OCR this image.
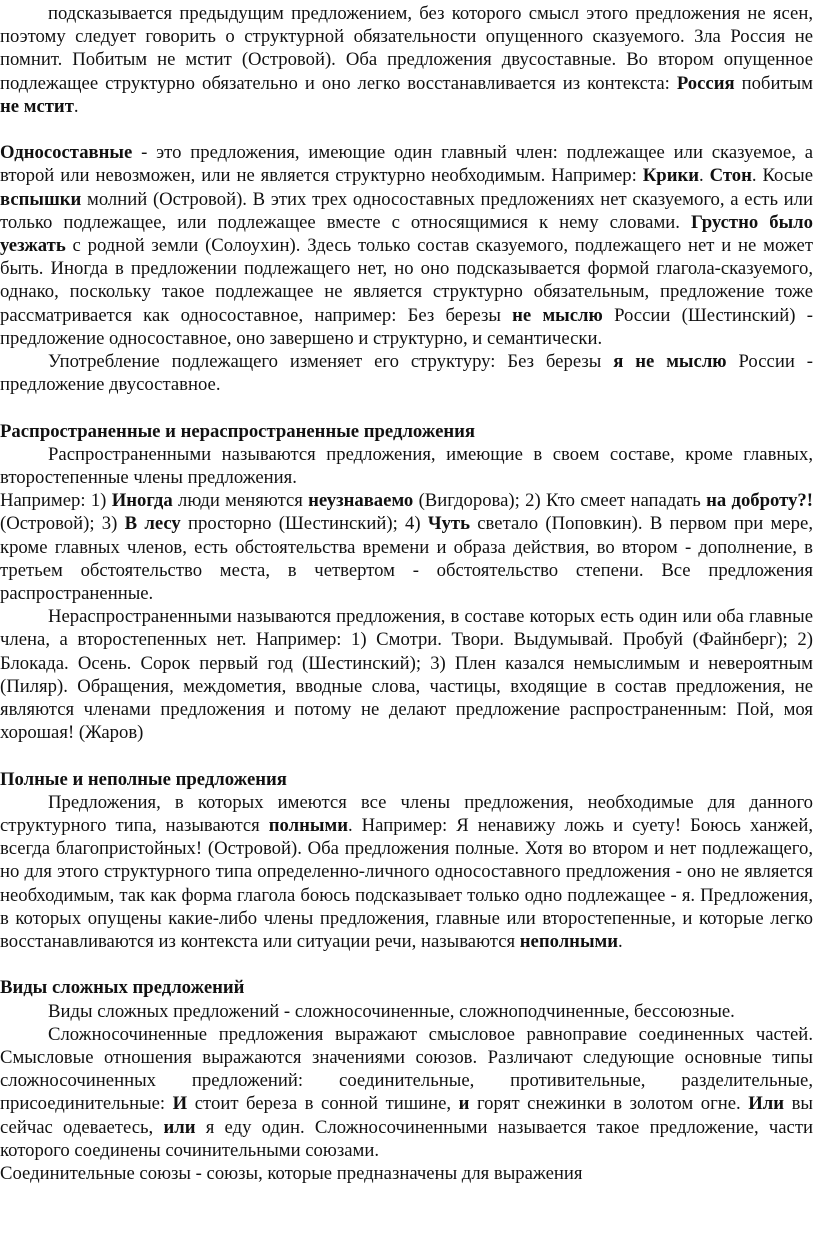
подсказывается предыдущим предложением, без которого смысл этого предложения не ясен, поэтому следует говорить о структурной обязательности опущенного сказуемого. Зла Россия не помнит. Побитым не мстит (Островой). Оба предложения двусоставные. Во втором опущенное подлежащее структурно обязательно и оно легко восстанавливается из контекста: Россия побитым не мстит.

Односоставные - это предложения, имеющие один главный член: подлежащее или сказуемое, а второй или невозможен, или не является структурно необходимым. Например: Крики. Стон. Косые вспышки молний (Островой). В этих трех односоставных предложениях нет сказуемого, а есть или только подлежащее, или подлежащее вместе с относящимися к нему словами. Грустно было уезжать с родной земли (Солоухин). Здесь только состав сказуемого, подлежащего нет и не может быть. Иногда в предложении подлежащего нет, но оно подсказывается формой глагола-сказуемого, однако, поскольку такое подлежащее не является структурно обязательным, предложение тоже рассматривается как односоставное, например: Без березы не мыслю России (Шестинский) - предложение односоставное, оно завершено и структурно, и семантически.

Употребление подлежащего изменяет его структуру: Без березы я не мыслю России - предложение двусоставное.

Распространенные и нераспространенные предложения

Распространенными называются предложения, имеющие в своем составе, кроме главных, второстепенные члены предложения.

Например: 1) Иногда люди меняются неузнаваемо (Вигдорова); 2) Кто смеет нападать на доброту?! (Островой); 3) В лесу просторно (Шестинский); 4) Чуть светало (Поповкин). В первом при мере, кроме главных членов, есть обстоятельства времени и образа действия, во втором - дополнение, в третьем обстоятельство места, в четвертом - обстоятельство степени. Все предложения распространенные.

Нераспространенными называются предложения, в составе которых есть один или оба главные члена, а второстепенных нет. Например: 1) Смотри. Твори. Выдумывай. Пробуй (Файнберг); 2) Блокада. Осень. Сорок первый год (Шестинский); 3) Плен казался немыслимым и невероятным (Пиляр). Обращения, междометия, вводные слова, частицы, входящие в состав предложения, не являются членами предложения и потому не делают предложение распространенным: Пой, моя хорошая! (Жаров)

Полные и неполные предложения

Предложения, в которых имеются все члены предложения, необходимые для данного структурного типа, называются полными. Например: Я ненавижу ложь и суету! Боюсь ханжей, всегда благопристойных! (Островой). Оба предложения полные. Хотя во втором и нет подлежащего, но для этого структурного типа определенно-личного односоставного предложения - оно не является необходимым, так как форма глагола боюсь подсказывает только одно подлежащее - я. Предложения, в которых опущены какие-либо члены предложения, главные или второстепенные, и которые легко восстанавливаются из контекста или ситуации речи, называются неполными.

Виды сложных предложений

Виды сложных предложений - сложносочиненные, сложноподчиненные, бессоюзные.

Сложносочиненные предложения выражают смысловое равноправие соединенных частей. Смысловые отношения выражаются значениями союзов. Различают следующие основные типы сложносочиненных предложений: соединительные, противительные, разделительные, присоединительные: И стоит береза в сонной тишине, и горят снежинки в золотом огне. Или вы сейчас одеваетесь, или я еду один. Сложносочиненными называется такое предложение, части которого соединены сочинительными союзами.

Соединительные союзы - союзы, которые предназначены для выражения
